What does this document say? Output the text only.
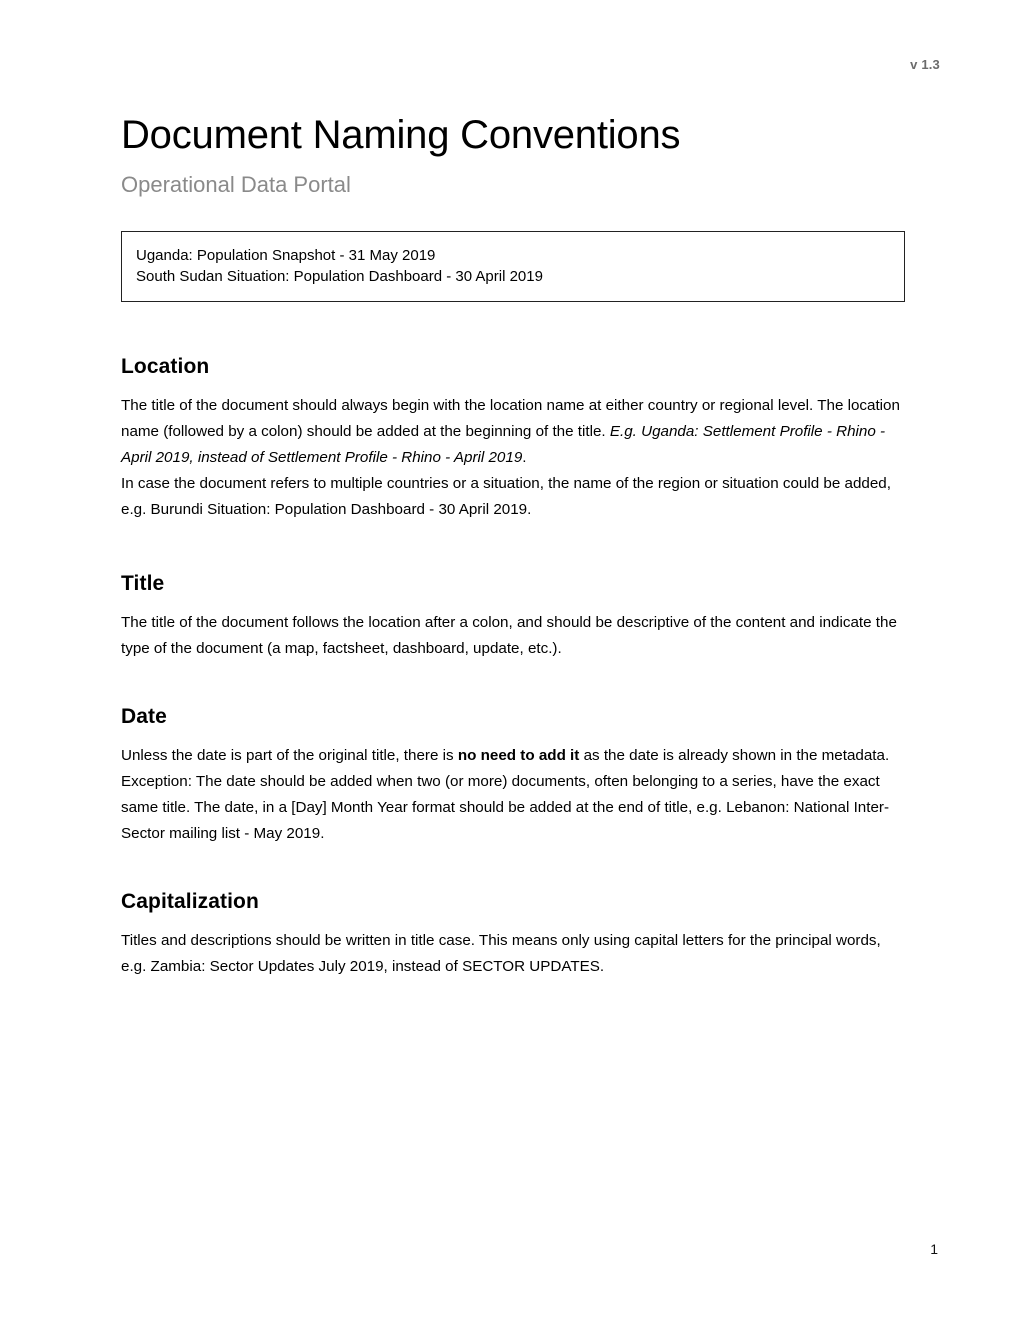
v 1.3
Document Naming Conventions
Operational Data Portal
Uganda: Population Snapshot - 31 May 2019
South Sudan Situation: Population Dashboard - 30 April 2019
Location

The title of the document should always begin with the location name at either country or regional level. The location name (followed by a colon) should be added at the beginning of the title. E.g. Uganda: Settlement Profile - Rhino - April 2019, instead of Settlement Profile - Rhino - April 2019.
In case the document refers to multiple countries or a situation, the name of the region or situation could be added, e.g. Burundi Situation: Population Dashboard - 30 April 2019.

Title

The title of the document follows the location after a colon, and should be descriptive of the content and indicate the type of the document (a map, factsheet, dashboard, update, etc.).

Date

Unless the date is part of the original title, there is no need to add it as the date is already shown in the metadata.
Exception: The date should be added when two (or more) documents, often belonging to a series, have the exact same title. The date, in a [Day] Month Year format should be added at the end of title, e.g. Lebanon: National Inter-Sector mailing list - May 2019.

Capitalization

Titles and descriptions should be written in title case. This means only using capital letters for the principal words, e.g. Zambia: Sector Updates July 2019, instead of SECTOR UPDATES.

1
